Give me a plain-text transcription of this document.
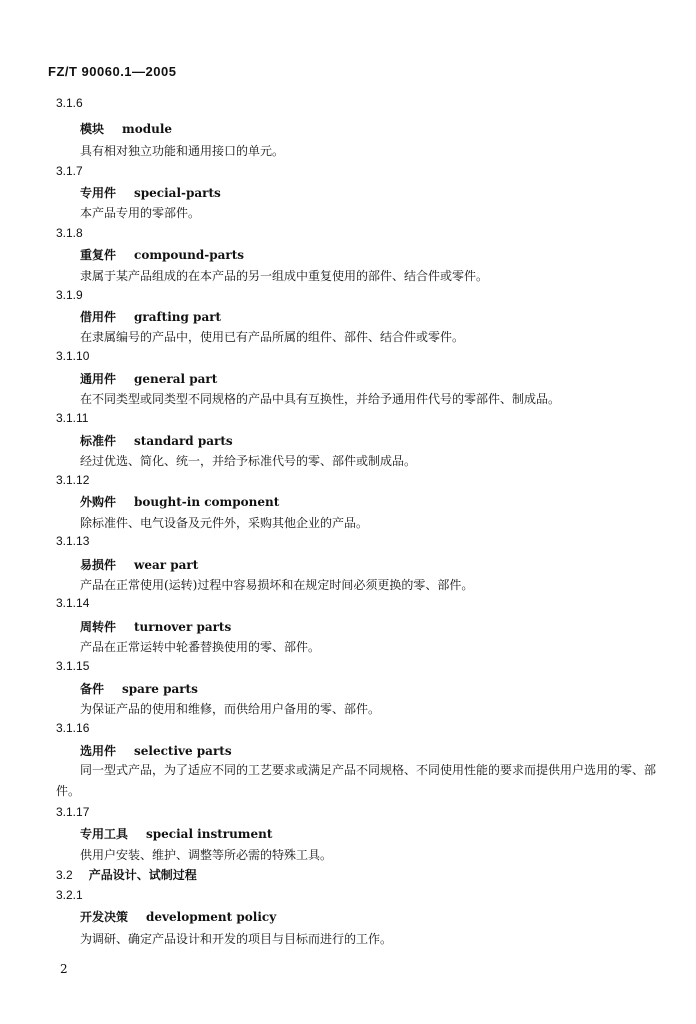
FZ/T 90060.1—2005
3.1.6
模块 module
具有相对独立功能和通用接口的单元。
3.1.7
专用件 special-parts
本产品专用的零部件。
3.1.8
重复件 compound-parts
隶属于某产品组成的在本产品的另一组成中重复使用的部件、结合件或零件。
3.1.9
借用件 grafting part
在隶属编号的产品中，使用已有产品所属的组件、部件、结合件或零件。
3.1.10
通用件 general part
在不同类型或同类型不同规格的产品中具有互换性，并给予通用件代号的零部件、制成品。
3.1.11
标准件 standard parts
经过优选、简化、统一，并给予标准代号的零、部件或制成品。
3.1.12
外购件 bought-in component
除标准件、电气设备及元件外，采购其他企业的产品。
3.1.13
易损件 wear part
产品在正常使用(运转)过程中容易损坏和在规定时间必须更换的零、部件。
3.1.14
周转件 turnover parts
产品在正常运转中轮番替换使用的零、部件。
3.1.15
备件 spare parts
为保证产品的使用和维修，而供给用户备用的零、部件。
3.1.16
选用件 selective parts
同一型式产品，为了适应不同的工艺要求或满足产品不同规格、不同使用性能的要求而提供用户选用的零、部件。
3.1.17
专用工具 special instrument
供用户安装、维护、调整等所必需的特殊工具。
3.2 产品设计、试制过程
3.2.1
开发决策 development policy
为调研、确定产品设计和开发的项目与目标而进行的工作。
2
